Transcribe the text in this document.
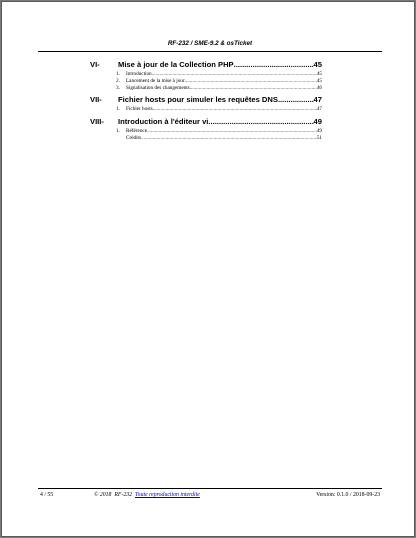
RF-232 / SME-9.2 & osTicket
VI-	Mise à jour de la Collection PHP .....	45
1.	Introduction .....	45
2.	Lancement de la mise à jour .....	45
3.	Signalisation des changements .....	46
VII-	Fichier hosts pour simuler les requêtes DNS .....	47
1.	Fichier hosts .....	47
VIII-	Introduction à l'éditeur vi .....	49
1.	Référence .....	49
Crédits .....	51
4 / 55	© 2018 RF-232 Toute reproduction interdite	Version: 0.1.0 / 2018-09-23
